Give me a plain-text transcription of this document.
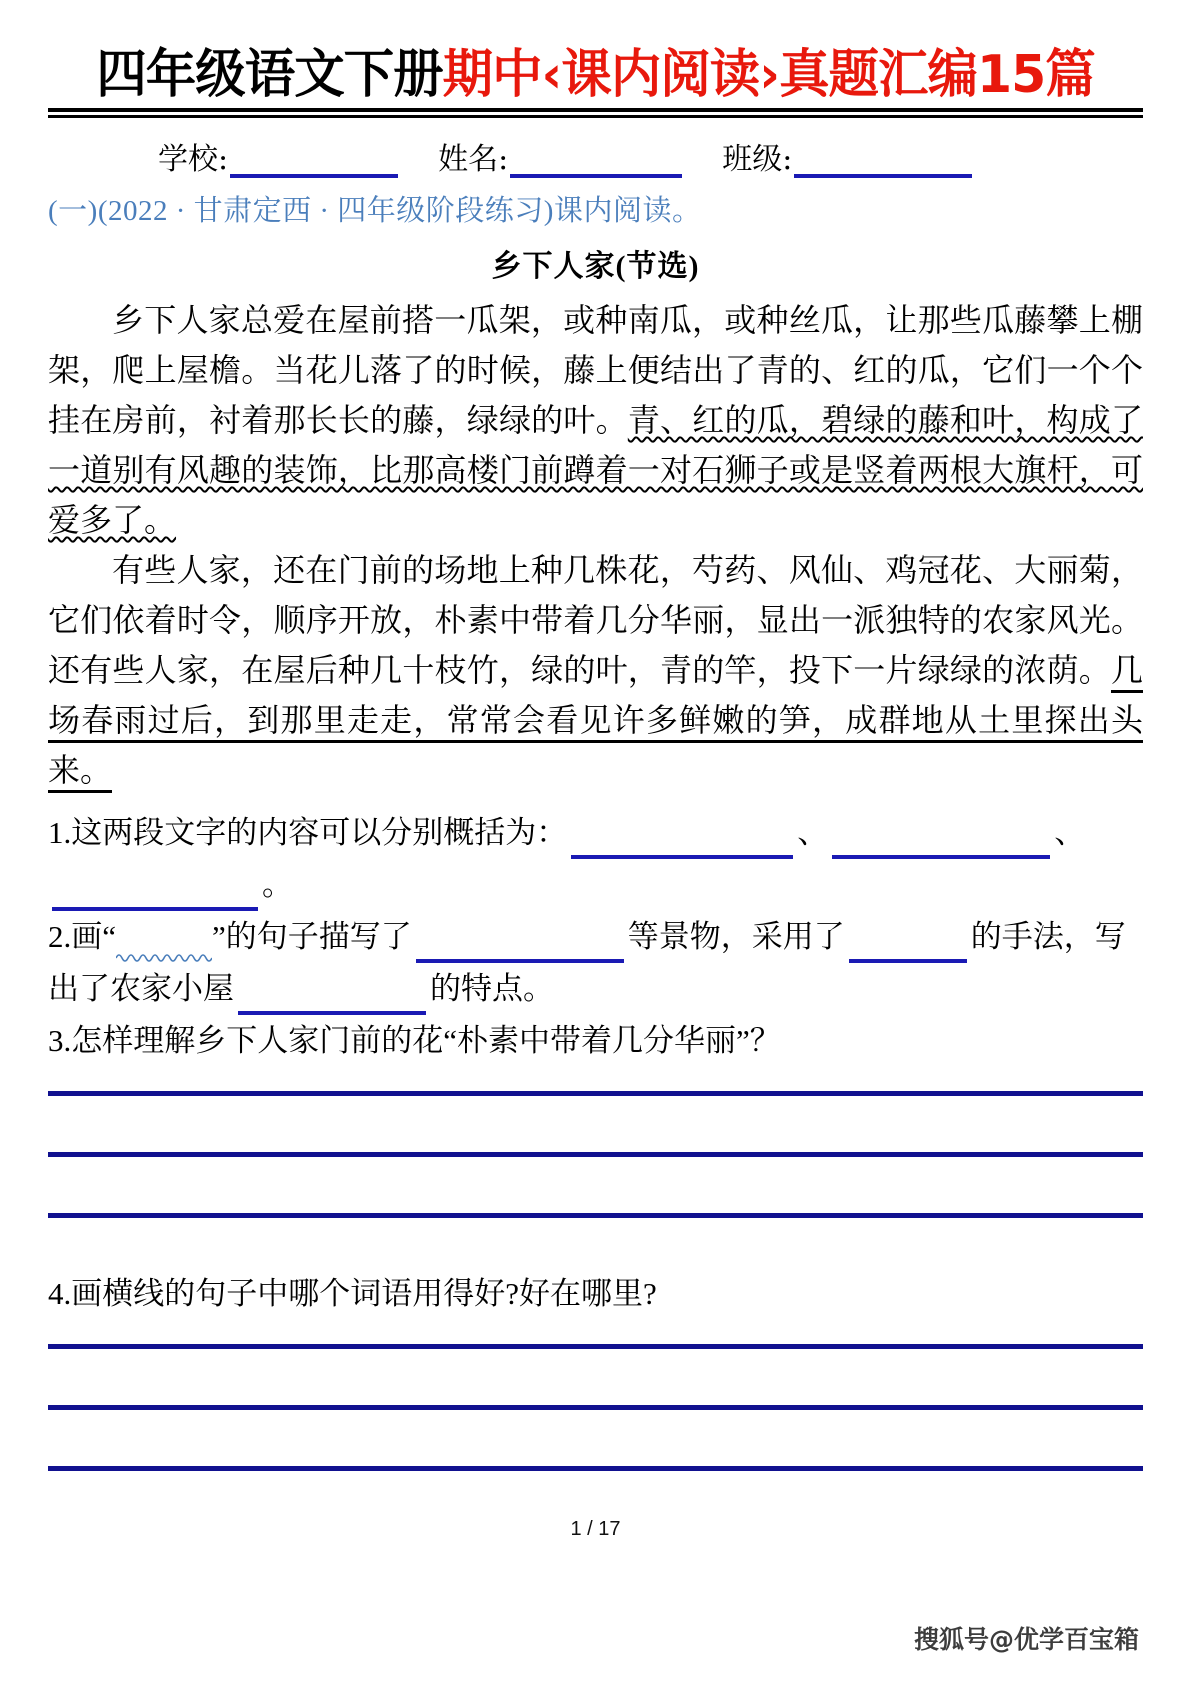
四年级语文下册期中‹课内阅读›真题汇编15篇
学校:	姓名:	班级:
(一)(2022 · 甘肃定西 · 四年级阶段练习)课内阅读。
乡下人家(节选)

乡下人家总爱在屋前搭一瓜架，或种南瓜，或种丝瓜，让那些瓜藤攀上棚架，爬上屋檐。当花儿落了的时候，藤上便结出了青的、红的瓜，它们一个个挂在房前，衬着那长长的藤，绿绿的叶。青、红的瓜，碧绿的藤和叶，构成了一道别有风趣的装饰，比那高楼门前蹲着一对石狮子或是竖着两根大旗杆，可爱多了。

有些人家，还在门前的场地上种几株花，芍药、风仙、鸡冠花、大丽菊，它们依着时令，顺序开放，朴素中带着几分华丽，显出一派独特的农家风光。还有些人家，在屋后种几十枝竹，绿的叶，青的竿，投下一片绿绿的浓荫。几场春雨过后，到那里走走，常常会看见许多鲜嫩的笋，成群地从土里探出头来。

1.这两段文字的内容可以分别概括为：	、	、。
2.画“	”的句子描写了	等景物，采用了	的手法，写出了农家小屋	的特点。
3.怎样理解乡下人家门前的花“朴素中带着几分华丽”？
4.画横线的句子中哪个词语用得好?好在哪里?
1 / 17
搜狐号@优学百宝箱
